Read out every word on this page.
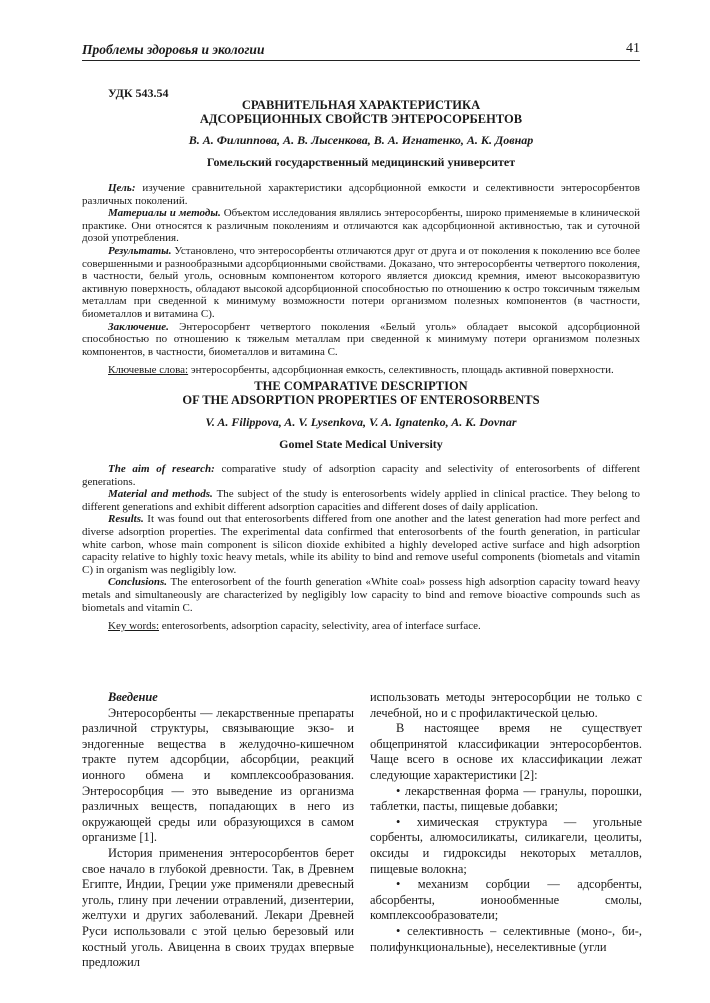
Проблемы здоровья и экологии	41
УДК 543.54
СРАВНИТЕЛЬНАЯ ХАРАКТЕРИСТИКА
АДСОРБЦИОННЫХ СВОЙСТВ ЭНТЕРОСОРБЕНТОВ
В. А. Филиппова, А. В. Лысенкова, В. А. Игнатенко, А. К. Довнар
Гомельский государственный медицинский университет

Цель: изучение сравнительной характеристики адсорбционной емкости и селективности энтеросорбентов различных поколений.

Материалы и методы. Объектом исследования являлись энтеросорбенты, широко применяемые в клинической практике. Они относятся к различным поколениям и отличаются как адсорбционной активностью, так и суточной дозой употребления.

Результаты. Установлено, что энтеросорбенты отличаются друг от друга и от поколения к поколению все более совершенными и разнообразными адсорбционными свойствами. Доказано, что энтеросорбенты четвертого поколения, в частности, белый уголь, основным компонентом которого является диоксид кремния, имеют высокоразвитую активную поверхность, обладают высокой адсорбционной способностью по отношению к остро токсичным тяжелым металлам при сведенной к минимуму возможности потери организмом полезных компонентов (в частности, биометаллов и витамина С).

Заключение. Энтеросорбент четвертого поколения «Белый уголь» обладает высокой адсорбционной способностью по отношению к тяжелым металлам при сведенной к минимуму потери организмом полезных компонентов, в частности, биометаллов и витамина С.

Ключевые слова: энтеросорбенты, адсорбционная емкость, селективность, площадь активной поверхности.

THE COMPARATIVE DESCRIPTION
OF THE ADSORPTION PROPERTIES OF ENTEROSORBENTS
V. A. Filippova, A. V. Lysenkova, V. A. Ignatenko, A. K. Dovnar
Gomel State Medical University

The aim of research: comparative study of adsorption capacity and selectivity of enterosorbents of different generations.

Material and methods. The subject of the study is enterosorbents widely applied in clinical practice. They belong to different generations and exhibit different adsorption capacities and different doses of daily application.

Results. It was found out that enterosorbents differed from one another and the latest generation had more perfect and diverse adsorption properties. The experimental data confirmed that enterosorbents of the fourth generation, in particular white carbon, whose main component is silicon dioxide exhibited a highly developed active surface and high adsorption capacity relative to highly toxic heavy metals, while its ability to bind and remove useful components (biometals and vitamin C) in organism was negligibly low.

Conclusions. The enterosorbent of the fourth generation «White coal» possess high adsorption capacity toward heavy metals and simultaneously are characterized by negligibly low capacity to bind and remove bioactive compounds such as biometals and vitamin C.

Key words: enterosorbents, adsorption capacity, selectivity, area of interface surface.

Введение

Энтеросорбенты — лекарственные препараты различной структуры, связывающие экзо- и эндогенные вещества в желудочно-кишечном тракте путем адсорбции, абсорбции, реакций ионного обмена и комплексообразования. Энтеросорбция — это выведение из организма различных веществ, попадающих в него из окружающей среды или образующихся в самом организме [1].

История применения энтеросорбентов берет свое начало в глубокой древности. Так, в Древнем Египте, Индии, Греции уже применяли древесный уголь, глину при лечении отравлений, дизентерии, желтухи и других заболеваний. Лекари Древней Руси использовали с этой целью березовый или костный уголь. Авиценна в своих трудах впервые предложил

использовать методы энтеросорбции не только с лечебной, но и с профилактической целью.

В настоящее время не существует общепринятой классификации энтеросорбентов. Чаще всего в основе их классификации лежат следующие характеристики [2]:

• лекарственная форма — гранулы, порошки, таблетки, пасты, пищевые добавки;

• химическая структура — угольные сорбенты, алюмосиликаты, силикагели, цеолиты, оксиды и гидроксиды некоторых металлов, пищевые волокна;

• механизм сорбции — адсорбенты, абсорбенты, ионообменные смолы, комплексообразователи;

• селективность – селективные (моно-, би-, полифункциональные), неселективные (угли
